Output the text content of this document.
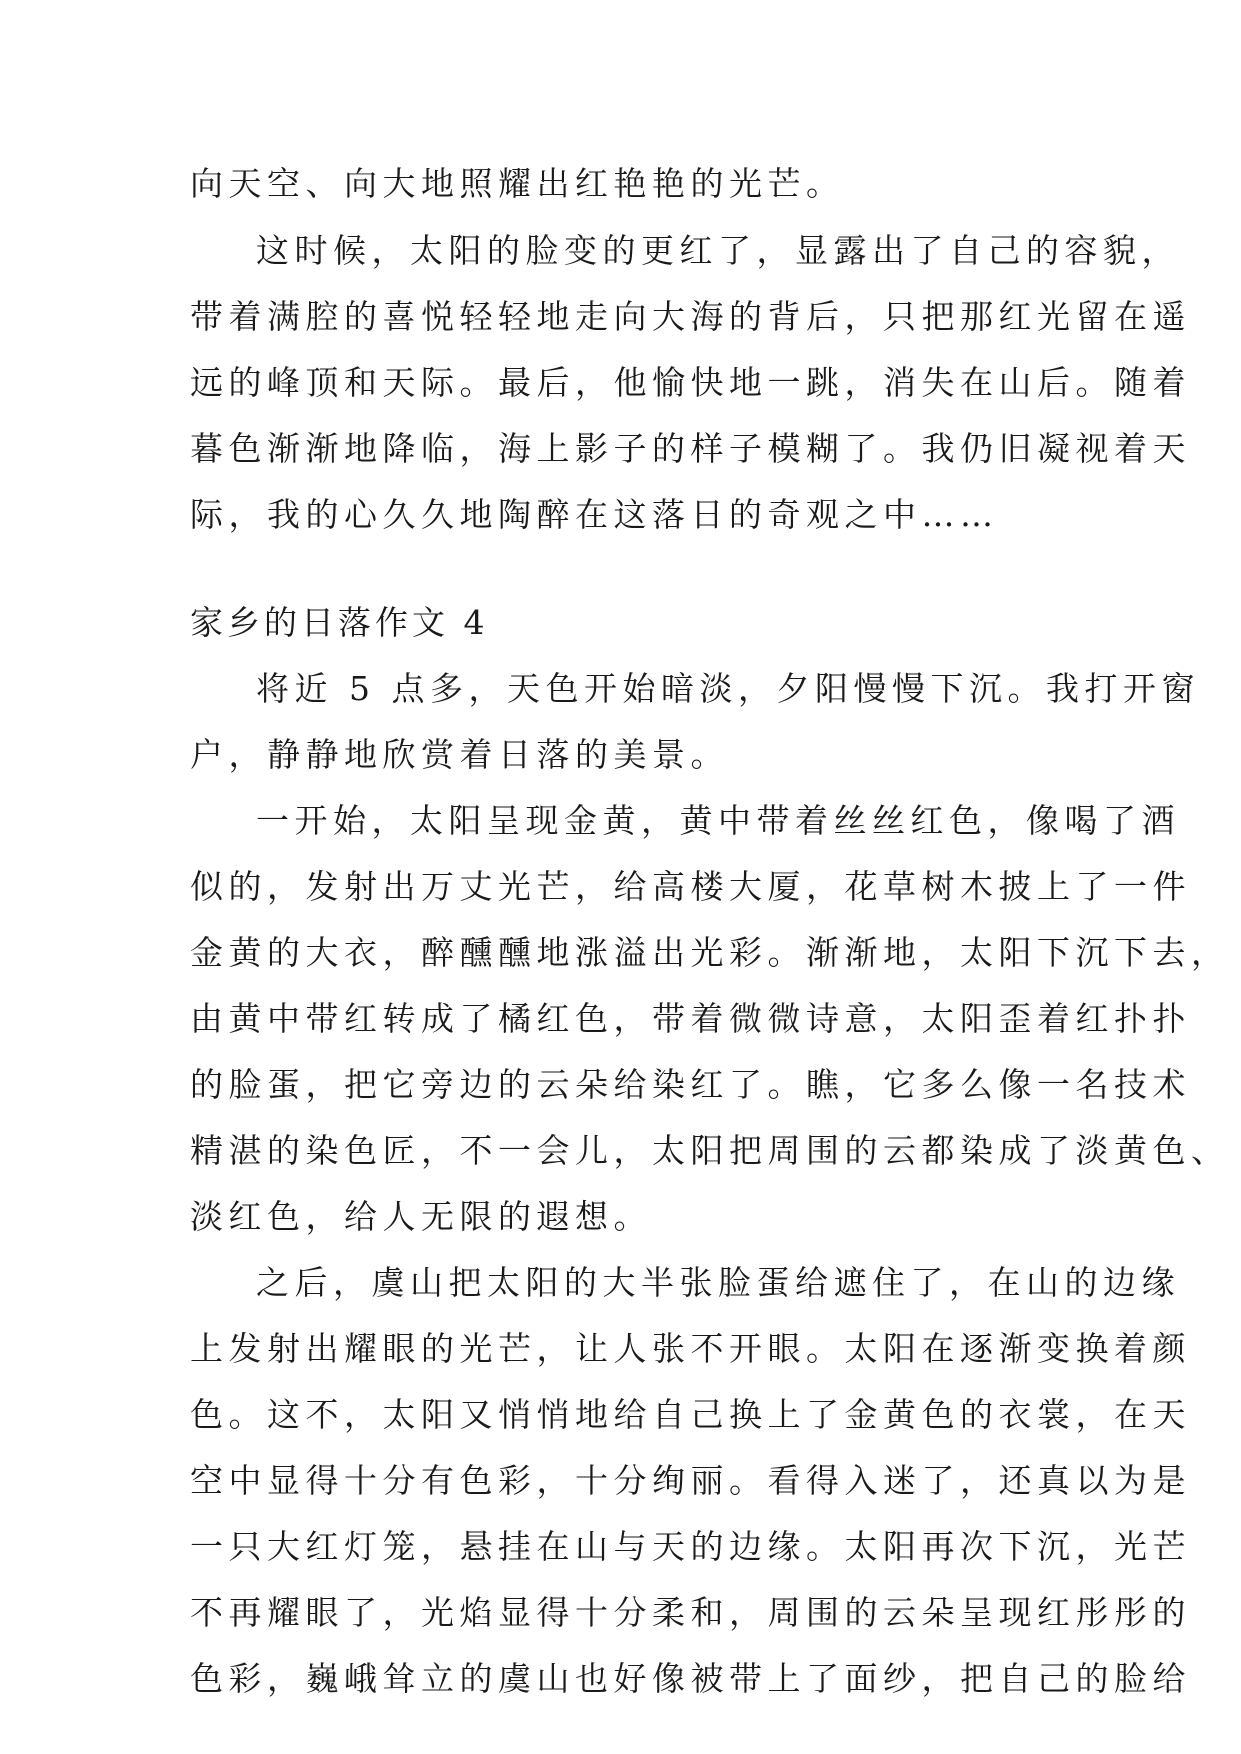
向天空、向大地照耀出红艳艳的光芒。
这时候，太阳的脸变的更红了，显露出了自己的容貌，
带着满腔的喜悦轻轻地走向大海的背后，只把那红光留在遥
远的峰顶和天际。最后，他愉快地一跳，消失在山后。随着
暮色渐渐地降临，海上影子的样子模糊了。我仍旧凝视着天
际，我的心久久地陶醉在这落日的奇观之中……
家乡的日落作文 4
将近 5 点多，天色开始暗淡，夕阳慢慢下沉。我打开窗
户，静静地欣赏着日落的美景。
一开始，太阳呈现金黄，黄中带着丝丝红色，像喝了酒
似的，发射出万丈光芒，给高楼大厦，花草树木披上了一件
金黄的大衣，醉醺醺地涨溢出光彩。渐渐地，太阳下沉下去，
由黄中带红转成了橘红色，带着微微诗意，太阳歪着红扑扑
的脸蛋，把它旁边的云朵给染红了。瞧，它多么像一名技术
精湛的染色匠，不一会儿，太阳把周围的云都染成了淡黄色、
淡红色，给人无限的遐想。
之后，虞山把太阳的大半张脸蛋给遮住了，在山的边缘
上发射出耀眼的光芒，让人张不开眼。太阳在逐渐变换着颜
色。这不，太阳又悄悄地给自己换上了金黄色的衣裳，在天
空中显得十分有色彩，十分绚丽。看得入迷了，还真以为是
一只大红灯笼，悬挂在山与天的边缘。太阳再次下沉，光芒
不再耀眼了，光焰显得十分柔和，周围的云朵呈现红彤彤的
色彩，巍峨耸立的虞山也好像被带上了面纱，把自己的脸给
